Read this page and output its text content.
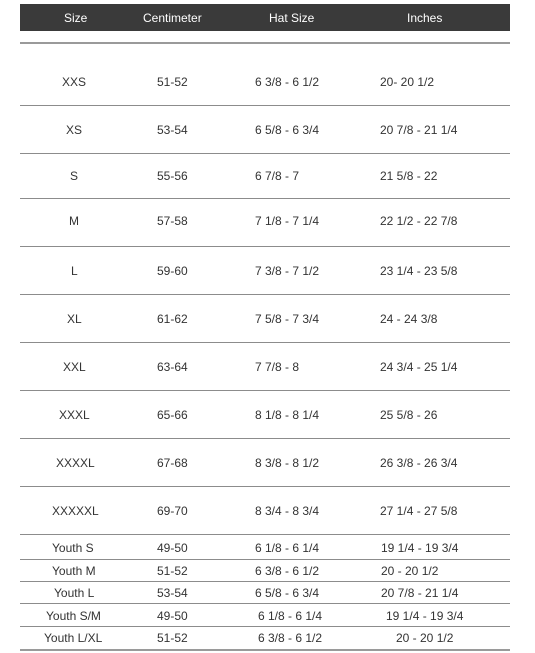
Size	Centimeter	Hat Size	Inches
XXS	51-52	6 3/8 - 6 1/2	20- 20 1/2
XS	53-54	6 5/8 - 6 3/4	20 7/8 - 21 1/4
S	55-56	6 7/8 - 7	21 5/8 - 22
M	57-58	7 1/8 - 7 1/4	22 1/2 - 22 7/8
L	59-60	7 3/8 - 7 1/2	23 1/4 - 23 5/8
XL	61-62	7 5/8 - 7 3/4	24 - 24 3/8
XXL	63-64	7 7/8 - 8	24 3/4 - 25 1/4
XXXL	65-66	8 1/8 - 8 1/4	25 5/8 - 26
XXXXL	67-68	8 3/8 - 8 1/2	26 3/8 - 26 3/4
XXXXXL	69-70	8 3/4 - 8 3/4	27 1/4 - 27 5/8
Youth S	49-50	6 1/8 - 6 1/4	19 1/4 - 19 3/4
Youth M	51-52	6 3/8 - 6 1/2	20 - 20 1/2
Youth L	53-54	6 5/8 - 6 3/4	20 7/8 - 21 1/4
Youth S/M	49-50	6 1/8 - 6 1/4	19 1/4 - 19 3/4
Youth L/XL	51-52	6 3/8 - 6 1/2	20 - 20 1/2
